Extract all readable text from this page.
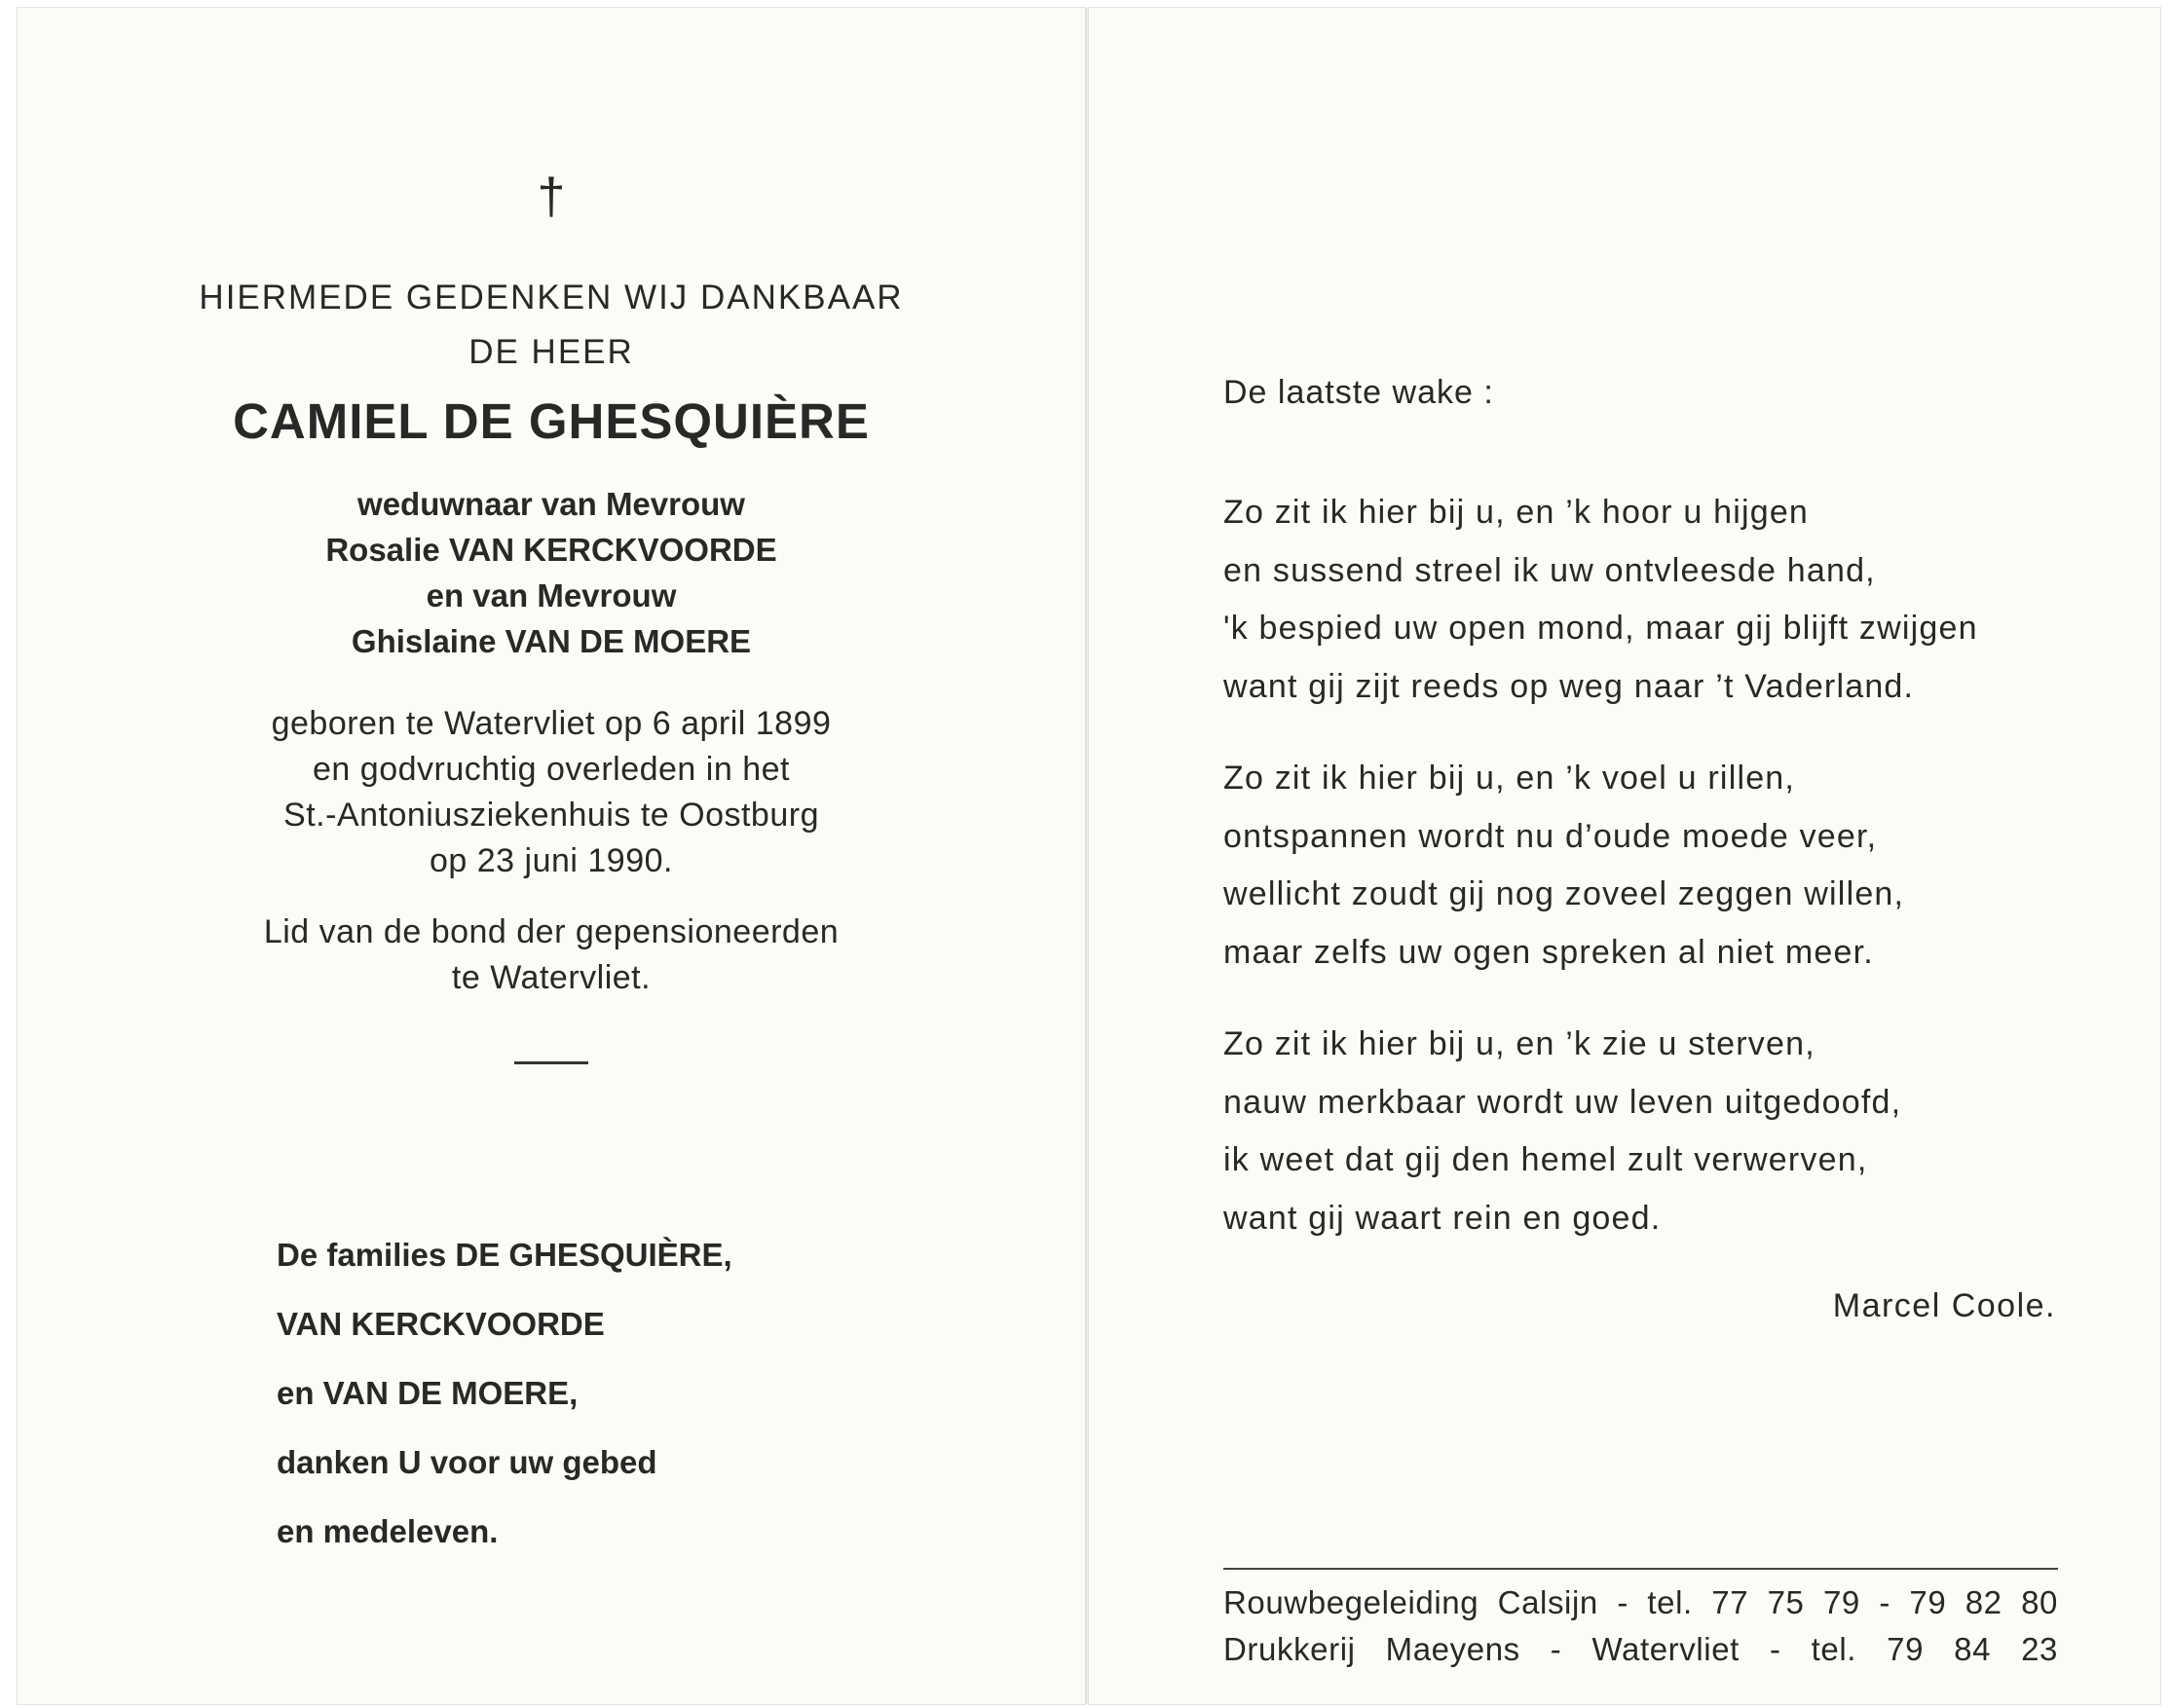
†
HIERMEDE GEDENKEN WIJ DANKBAAR
DE HEER
CAMIEL DE GHESQUIÈRE
weduwnaar van Mevrouw
Rosalie VAN KERCKVOORDE
en van Mevrouw
Ghislaine VAN DE MOERE
geboren te Watervliet op 6 april 1899
en godvruchtig overleden in het
St.-Antoniusziekenhuis te Oostburg
op 23 juni 1990.
Lid van de bond der gepensioneerden
te Watervliet.
De families DE GHESQUIÈRE,
VAN KERCKVOORDE
en VAN DE MOERE,
danken U voor uw gebed
en medeleven.
De laatste wake :
Zo zit ik hier bij u, en ’k hoor u hijgen
en sussend streel ik uw ontvleesde hand,
'k bespied uw open mond, maar gij blijft zwijgen
want gij zijt reeds op weg naar ’t Vaderland.
Zo zit ik hier bij u, en ’k voel u rillen,
ontspannen wordt nu d’oude moede veer,
wellicht zoudt gij nog zoveel zeggen willen,
maar zelfs uw ogen spreken al niet meer.
Zo zit ik hier bij u, en ’k zie u sterven,
nauw merkbaar wordt uw leven uitgedoofd,
ik weet dat gij den hemel zult verwerven,
want gij waart rein en goed.
Marcel Coole.
Rouwbegeleiding Calsijn - tel. 77 75 79 - 79 82 80
Drukkerij Maeyens - Watervliet - tel. 79 84 23
